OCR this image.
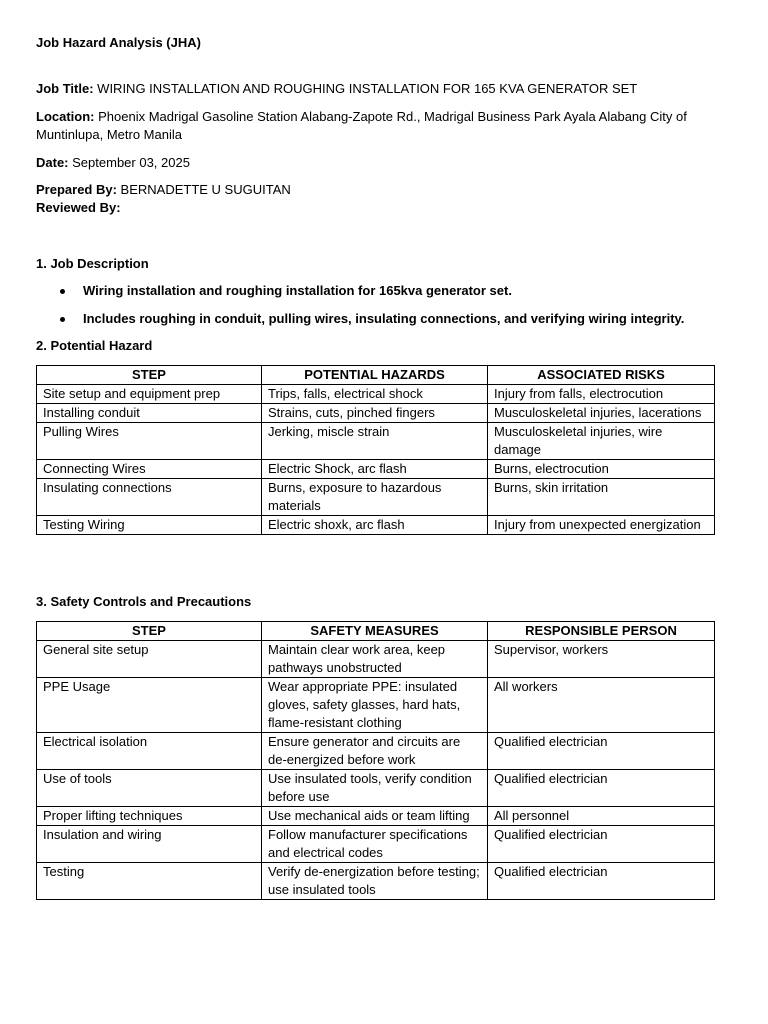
Job Hazard Analysis (JHA)
Job Title: WIRING INSTALLATION AND ROUGHING INSTALLATION FOR 165 KVA GENERATOR SET
Location: Phoenix Madrigal Gasoline Station Alabang-Zapote Rd., Madrigal Business Park Ayala Alabang City of Muntinlupa, Metro Manila
Date: September 03, 2025
Prepared By: BERNADETTE U SUGUITAN
Reviewed By:
1. Job Description
Wiring installation and roughing installation for 165kva generator set.
Includes roughing in conduit, pulling wires, insulating connections, and verifying wiring integrity.
2. Potential Hazard
STEP	POTENTIAL HAZARDS	ASSOCIATED RISKS
Site setup and equipment prep	Trips, falls, electrical shock	Injury from falls, electrocution
Installing conduit	Strains, cuts, pinched fingers	Musculoskeletal injuries, lacerations
Pulling Wires	Jerking, miscle strain	Musculoskeletal injuries, wire damage
Connecting Wires	Electric Shock, arc flash	Burns, electrocution
Insulating connections	Burns, exposure to hazardous materials	Burns, skin irritation
Testing Wiring	Electric shoxk, arc flash	Injury from unexpected energization
3. Safety Controls and Precautions
STEP	SAFETY MEASURES	RESPONSIBLE PERSON
General site setup	Maintain clear work area, keep pathways unobstructed	Supervisor, workers
PPE Usage	Wear appropriate PPE: insulated gloves, safety glasses, hard hats, flame-resistant clothing	All workers
Electrical isolation	Ensure generator and circuits are de-energized before work	Qualified electrician
Use of tools	Use insulated tools, verify condition before use	Qualified electrician
Proper lifting techniques	Use mechanical aids or team lifting	All personnel
Insulation and wiring	Follow manufacturer specifications and electrical codes	Qualified electrician
Testing	Verify de-energization before testing; use insulated tools	Qualified electrician
